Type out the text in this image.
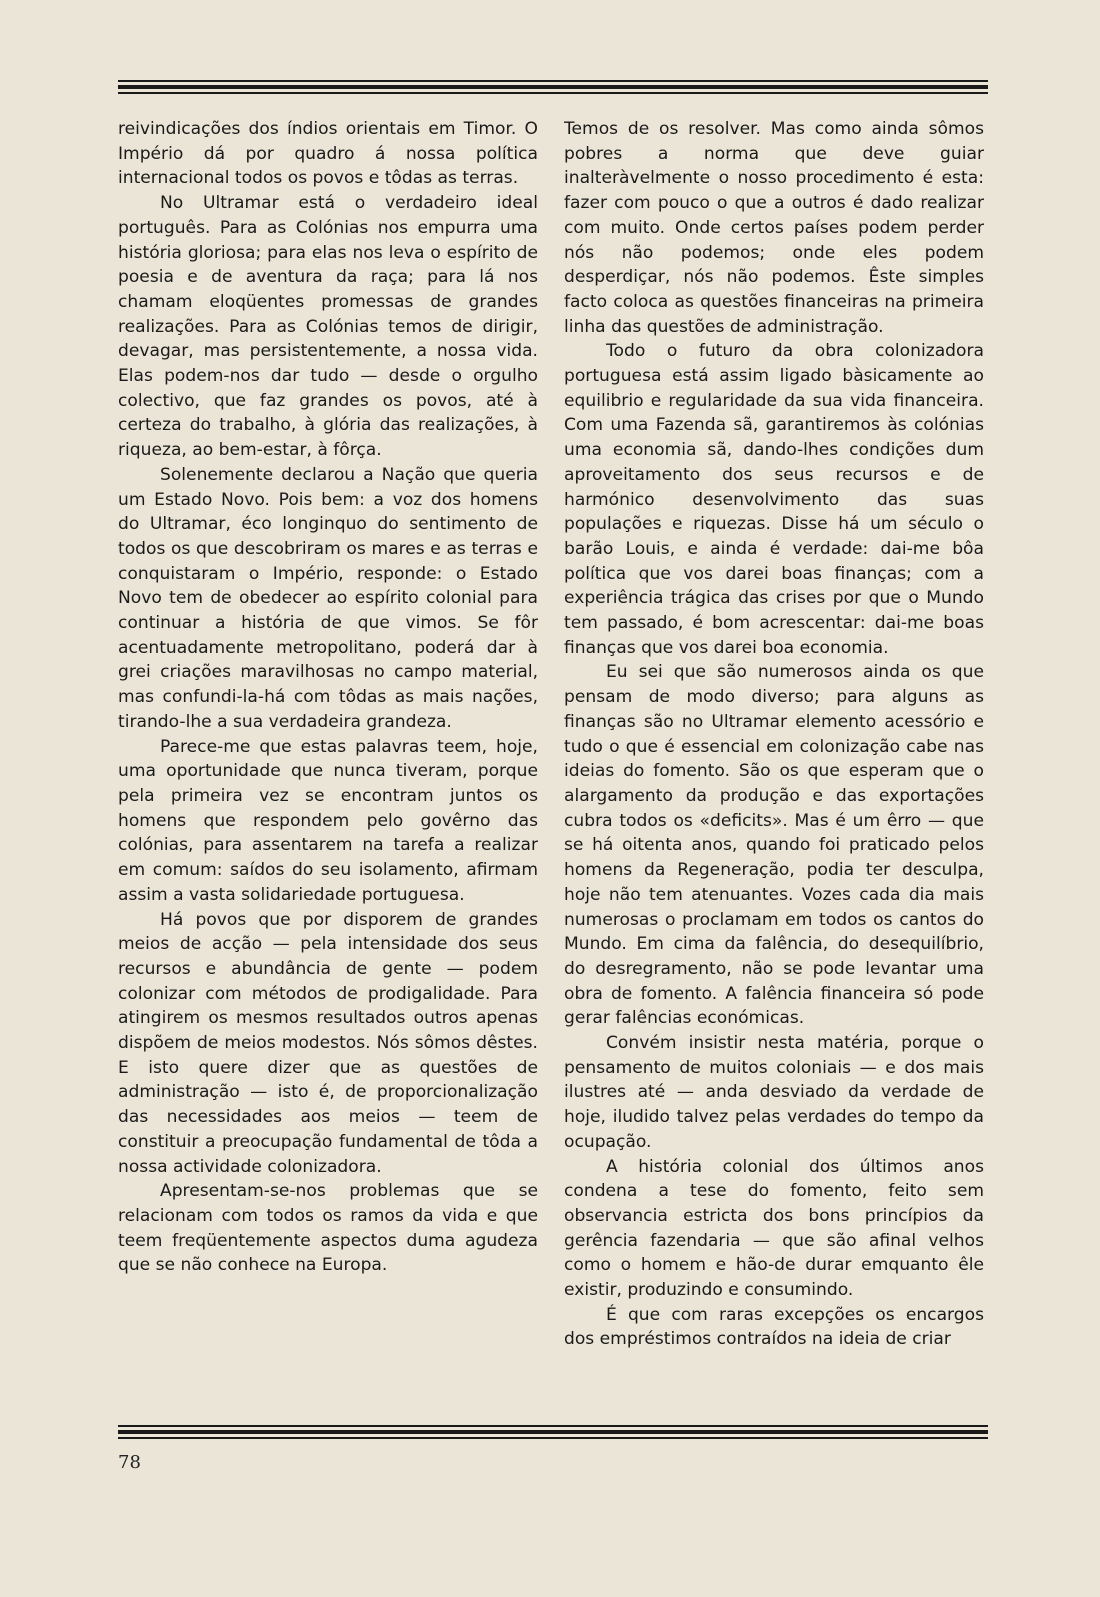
reivindicações dos índios orientais em Timor. O Império dá por quadro á nossa política internacional todos os povos e tôdas as terras.

No Ultramar está o verdadeiro ideal português. Para as Colónias nos empurra uma história gloriosa; para elas nos leva o espírito de poesia e de aventura da raça; para lá nos chamam eloqüentes promessas de grandes realizações. Para as Colónias temos de dirigir, devagar, mas persistentemente, a nossa vida. Elas podem-nos dar tudo — desde o orgulho colectivo, que faz grandes os povos, até à certeza do trabalho, à glória das realizações, à riqueza, ao bem-estar, à fôrça.

Solenemente declarou a Nação que queria um Estado Novo. Pois bem: a voz dos homens do Ultramar, éco longinquo do sentimento de todos os que descobriram os mares e as terras e conquistaram o Império, responde: o Estado Novo tem de obedecer ao espírito colonial para continuar a história de que vimos. Se fôr acentuadamente metropolitano, poderá dar à grei criações maravilhosas no campo material, mas confundi-la-há com tôdas as mais nações, tirando-lhe a sua verdadeira grandeza.

Parece-me que estas palavras teem, hoje, uma oportunidade que nunca tiveram, porque pela primeira vez se encontram juntos os homens que respondem pelo govêrno das colónias, para assentarem na tarefa a realizar em comum: saídos do seu isolamento, afirmam assim a vasta solidariedade portuguesa.

Há povos que por disporem de grandes meios de acção — pela intensidade dos seus recursos e abundância de gente — podem colonizar com métodos de prodigalidade. Para atingirem os mesmos resultados outros apenas dispõem de meios modestos. Nós sômos dêstes. E isto quere dizer que as questões de administração — isto é, de proporcionalização das necessidades aos meios — teem de constituir a preocupação fundamental de tôda a nossa actividade colonizadora.

Apresentam-se-nos problemas que se relacionam com todos os ramos da vida e que teem freqüentemente aspectos duma agudeza que se não conhece na Europa.

Temos de os resolver. Mas como ainda sômos pobres a norma que deve guiar inalteràvelmente o nosso procedimento é esta: fazer com pouco o que a outros é dado realizar com muito. Onde certos países podem perder nós não podemos; onde eles podem desperdiçar, nós não podemos. Êste simples facto coloca as questões financeiras na primeira linha das questões de administração.

Todo o futuro da obra colonizadora portuguesa está assim ligado bàsicamente ao equilibrio e regularidade da sua vida financeira. Com uma Fazenda sã, garantiremos às colónias uma economia sã, dando-lhes condições dum aproveitamento dos seus recursos e de harmónico desenvolvimento das suas populações e riquezas. Disse há um século o barão Louis, e ainda é verdade: dai-me bôa política que vos darei boas finanças; com a experiência trágica das crises por que o Mundo tem passado, é bom acrescentar: dai-me boas finanças que vos darei boa economia.

Eu sei que são numerosos ainda os que pensam de modo diverso; para alguns as finanças são no Ultramar elemento acessório e tudo o que é essencial em colonização cabe nas ideias do fomento. São os que esperam que o alargamento da produção e das exportações cubra todos os «deficits». Mas é um êrro — que se há oitenta anos, quando foi praticado pelos homens da Regeneração, podia ter desculpa, hoje não tem atenuantes. Vozes cada dia mais numerosas o proclamam em todos os cantos do Mundo. Em cima da falência, do desequilíbrio, do desregramento, não se pode levantar uma obra de fomento. A falência financeira só pode gerar falências económicas.

Convém insistir nesta matéria, porque o pensamento de muitos coloniais — e dos mais ilustres até — anda desviado da verdade de hoje, iludido talvez pelas verdades do tempo da ocupação.

A história colonial dos últimos anos condena a tese do fomento, feito sem observancia estricta dos bons princípios da gerência fazendaria — que são afinal velhos como o homem e hão-de durar emquanto êle existir, produzindo e consumindo.

É que com raras excepções os encargos dos empréstimos contraídos na ideia de criar

78
